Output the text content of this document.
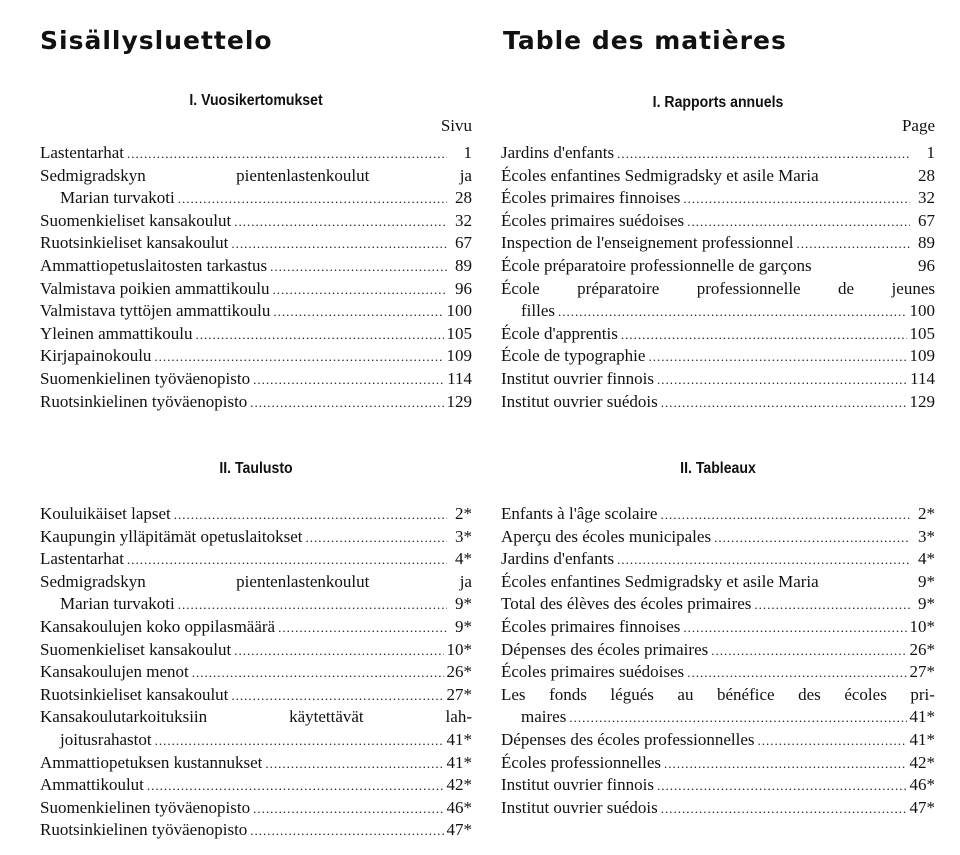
Sisällysluettelo
I. Vuosikertomukset
Sivu
Lastentarhat .....	1
Sedmigradskyn	pientenlastenkoulut	ja
Marian turvakoti .....	28
Suomenkieliset kansakoulut .....	32
Ruotsinkieliset kansakoulut .....	67
Ammattiopetuslaitosten tarkastus .....	89
Valmistava poikien ammattikoulu .....	96
Valmistava tyttöjen ammattikoulu .....	100
Yleinen ammattikoulu .....	105
Kirjapainokoulu .....	109
Suomenkielinen työväenopisto .....	114
Ruotsinkielinen työväenopisto .....	129
II. Taulusto
Kouluikäiset lapset .....	2*
Kaupungin ylläpitämät opetuslaitokset .....	3*
Lastentarhat .....	4*
Sedmigradskyn	pientenlastenkoulut	ja
Marian turvakoti .....	9*
Kansakoulujen koko oppilasmäärä .....	9*
Suomenkieliset kansakoulut .....	10*
Kansakoulujen menot .....	26*
Ruotsinkieliset kansakoulut .....	27*
Kansakoulutarkoituksiin	käytettävät	lah-
joitusrahastot .....	41*
Ammattiopetuksen kustannukset .....	41*
Ammattikoulut .....	42*
Suomenkielinen työväenopisto .....	46*
Ruotsinkielinen työväenopisto .....	47*
Table des matières
I. Rapports annuels
Page
Jardins d'enfants .....	1
Écoles enfantines Sedmigradsky et asile Maria	28
Écoles primaires finnoises .....	32
Écoles primaires suédoises .....	67
Inspection de l'enseignement professionnel .....	89
École préparatoire professionnelle de garçons	96
École préparatoire professionnelle de jeunes
filles .....	100
École d'apprentis .....	105
École de typographie .....	109
Institut ouvrier finnois .....	114
Institut ouvrier suédois .....	129
II. Tableaux
Enfants à l'âge scolaire .....	2*
Aperçu des écoles municipales .....	3*
Jardins d'enfants .....	4*
Écoles enfantines Sedmigradsky et asile Maria	9*
Total des élèves des écoles primaires .....	9*
Écoles primaires finnoises .....	10*
Dépenses des écoles primaires .....	26*
Écoles primaires suédoises .....	27*
Les fonds légués au bénéfice des écoles pri-
maires .....	41*
Dépenses des écoles professionnelles .....	41*
Écoles professionnelles .....	42*
Institut ouvrier finnois .....	46*
Institut ouvrier suédois .....	47*
